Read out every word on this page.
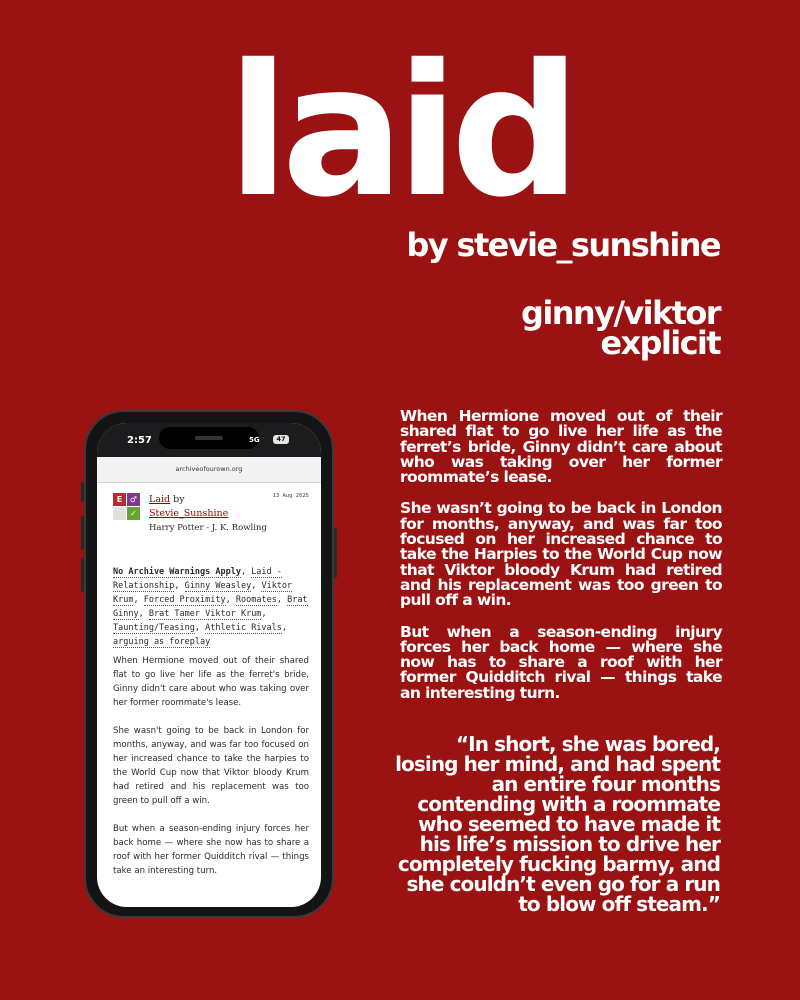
laid
by stevie_sunshine
ginny/viktor
explicit

When Hermione moved out of their shared flat to go live her life as the ferret’s bride, Ginny didn’t care about who was taking over her former roommate’s lease.

She wasn’t going to be back in London for months, anyway, and was far too focused on her increased chance to take the Harpies to the World Cup now that Viktor bloody Krum had retired and his replacement was too green to pull off a win.

But when a season-ending injury forces her back home — where she now has to share a roof with her former Quidditch rival — things take an interesting turn.

“In short, she was bored, losing her mind, and had spent an entire four months contending with a roommate who seemed to have made it his life’s mission to drive her completely fucking barmy, and she couldn’t even go for a run to blow off steam.”
2:57	5G	47
archiveofourown.org
E ♂
✓
Laid by
Stevie_Sunshine
Harry Potter - J. K. Rowling
13 Aug 2025
No Archive Warnings Apply, Laid - Relationship, Ginny Weasley, Viktor Krum, Forced Proximity, Roomates, Brat Ginny, Brat Tamer Viktor Krum, Taunting/Teasing, Athletic Rivals, arguing as foreplay

When Hermione moved out of their shared flat to go live her life as the ferret's bride, Ginny didn't care about who was taking over her former roommate's lease.

She wasn't going to be back in London for months, anyway, and was far too focused on her increased chance to take the harpies to the World Cup now that Viktor bloody Krum had retired and his replacement was too green to pull off a win.

But when a season-ending injury forces her back home — where she now has to share a roof with her former Quidditch rival — things take an interesting turn.
